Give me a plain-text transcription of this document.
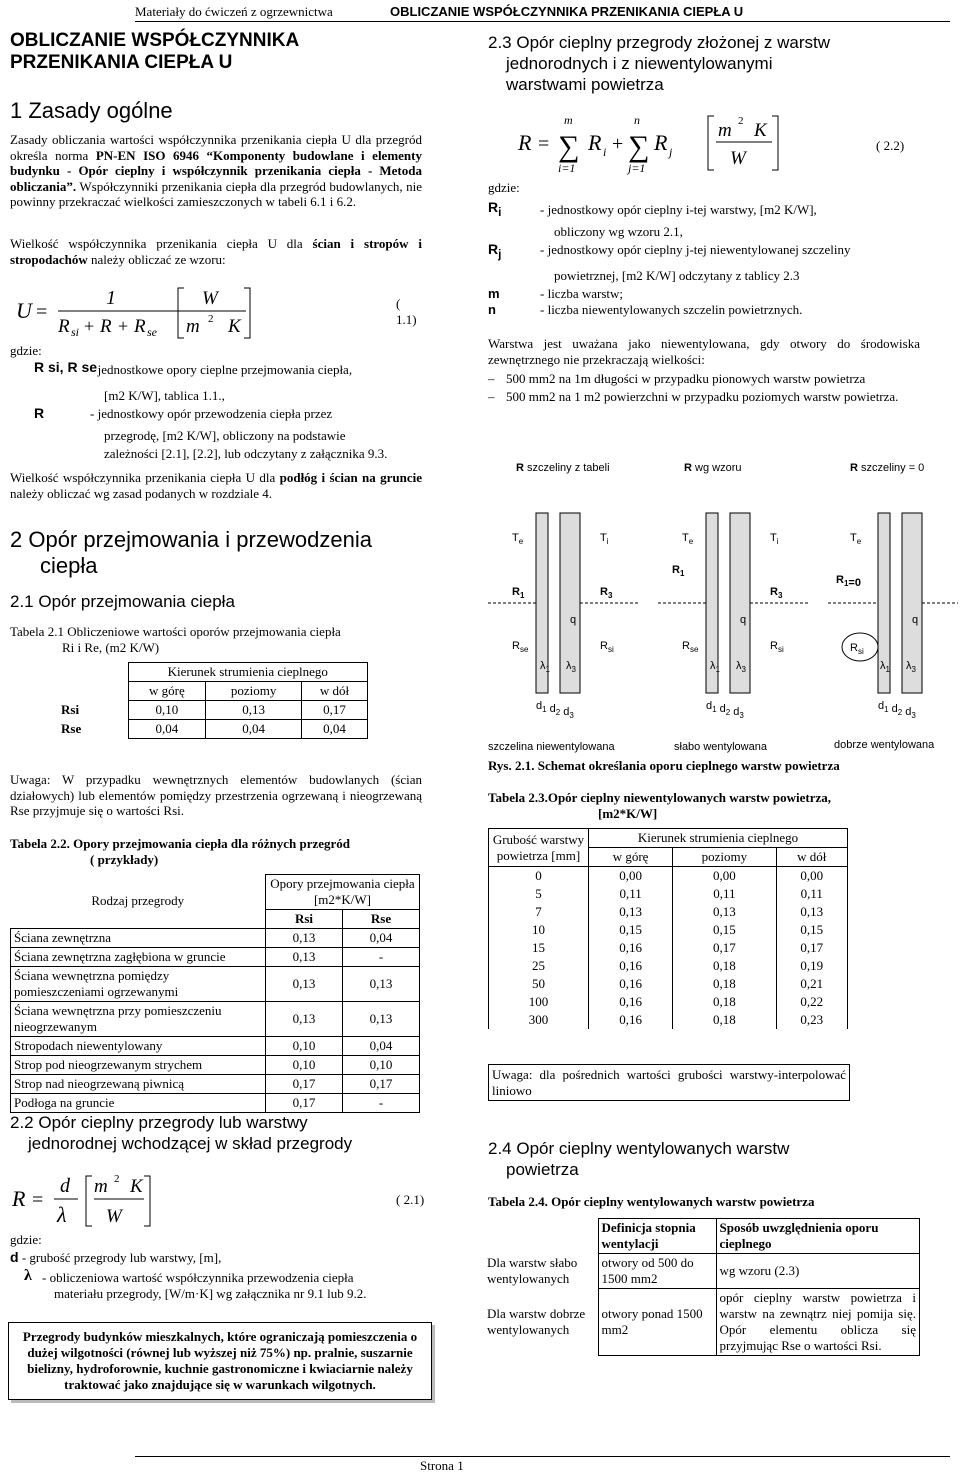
Materiały do ćwiczeń z ogrzewnictwa	OBLICZANIE WSPÓŁCZYNNIKA PRZENIKANIA CIEPŁA U
OBLICZANIE WSPÓŁCZYNNIKA
PRZENIKANIA CIEPŁA U
1 Zasady ogólne
Zasady obliczania wartości współczynnika przenikania ciepła U dla przegród określa norma PN-EN ISO 6946 “Komponenty budowlane i elementy budynku - Opór cieplny i współczynnik przenikania ciepła - Metoda obliczania”. Współczynniki przenikania ciepła dla przegród budowlanych, nie powinny przekraczać wielkości zamieszczonych w tabeli 6.1 i 6.2.
Wielkość współczynnika przenikania ciepła U dla ścian i stropów i stropodachów należy obliczać ze wzoru:
U =
1
R si + R + R se
W
m 2 K
( 1.1)
gdzie:
R si, R se
- jednostkowe opory cieplne przejmowania ciepła,
[m2 K/W], tablica 1.1.,
R	- jednostkowy opór przewodzenia ciepła przez
przegrodę, [m2 K/W], obliczony na podstawie
zależności [2.1], [2.2], lub odczytany z załącznika 9.3.
Wielkość współczynnika przenikania ciepła U dla podłóg i ścian na gruncie należy obliczać wg zasad podanych w rozdziale 4.
2 Opór przejmowania i przewodzenia
ciepła
2.1 Opór przejmowania ciepła
Tabela 2.1 Obliczeniowe wartości oporów przejmowania ciepła
Ri i Re, (m2 K/W)
	Kierunek strumienia cieplnego		
	w górę	poziomy	w dół
Rsi	0,10	0,13	0,17
Rse	0,04	0,04	0,04
Uwaga: W przypadku wewnętrznych elementów budowlanych (ścian działowych) lub elementów pomiędzy przestrzenia ogrzewaną i nieogrzewaną Rse przyjmuje się o wartości Rsi.
Tabela 2.2. Opory przejmowania ciepła dla różnych przegród
( przykłady)
Rodzaj przegrody	Opory przejmowania ciepła [m2*K/W]	
	Rsi	Rse
Ściana zewnętrzna	0,13	0,04
Ściana zewnętrzna zagłębiona w gruncie	0,13	-
Ściana wewnętrzna pomiędzy pomieszczeniami ogrzewanymi	0,13	0,13
Ściana wewnętrzna przy pomieszczeniu nieogrzewanym	0,13	0,13
Stropodach niewentylowany	0,10	0,04
Strop pod nieogrzewanym strychem	0,10	0,10
Strop nad nieogrzewaną piwnicą	0,17	0,17
Podłoga na gruncie	0,17	-
2.2 Opór cieplny przegrody lub warstwy
jednorodnej wchodzącej w skład przegrody
R =
d
λ
m 2 K
W
( 2.1)
gdzie:
d - grubość przegrody lub warstwy, [m],
λ - obliczeniowa wartość współczynnika przewodzenia ciepła
materiału przegrody, [W/m·K] wg załącznika nr 9.1 lub 9.2.
Przegrody budynków mieszkalnych, które ograniczają pomieszczenia o dużej wilgotności (równej lub wyższej niż 75%) np. pralnie, suszarnie bielizny, hydroforownie, kuchnie gastronomiczne i kwiaciarnie należy traktować jako znajdujące się w warunkach wilgotnych.
2.3 Opór cieplny przegrody złożonej z warstw
jednorodnych i z niewentylowanymi
warstwami powietrza
R =
m
∑
i=1
R i +
n
∑
j=1
R j
m 2 K
W
( 2.2)
gdzie:
$R_i$	- jednostkowy opór cieplny i-tej warstwy, [m2 K/W],
obliczony wg wzoru 2.1,
$R_j$	- jednostkowy opór cieplny j-tej niewentylowanej szczeliny
powietrznej, [m2 K/W] odczytany z tablicy 2.3
m	- liczba warstw;
n	- liczba niewentylowanych szczelin powietrznych.
Warstwa jest uważana jako niewentylowana, gdy otwory do środowiska zewnętrznego nie przekraczają wielkości:
– 500 mm2 na 1m długości w przypadku pionowych warstw powietrza
– 500 mm2 na 1 m2 powierzchni w przypadku poziomych warstw powietrza.
R szczeliny z tabeli	R wg wzoru	R szczeliny = 0
$T_e$	$T_i$
$R_1$	$R_3$
q
$R_{se}$	$R_{si}$
$\lambda_1$ $\lambda_3$
$d_1$ $d_2$ $d_3$
$T_e$	$T_i$
$R_1$
$R_3$
q
$R_{se}$	$R_{si}$
$\lambda_1$ $\lambda_3$
$d_1$ $d_2$ $d_3$
$T_e$
$R_1=0$
q
$R_{si}$
$\lambda_1$ $\lambda_3$
$d_1$ $d_2$ $d_3$
szczelina niewentylowana	słabo wentylowana	dobrze wentylowana
Rys. 2.1. Schemat określania oporu cieplnego warstw powietrza
Tabela 2.3.Opór cieplny niewentylowanych warstw powietrza,
[m2*K/W]
Grubość warstwy powietrza [mm]	Kierunek strumienia cieplnego		
	w górę	poziomy	w dół
0	0,00	0,00	0,00
5	0,11	0,11	0,11
7	0,13	0,13	0,13
10	0,15	0,15	0,15
15	0,16	0,17	0,17
25	0,16	0,18	0,19
50	0,16	0,18	0,21
100	0,16	0,18	0,22
300	0,16	0,18	0,23
Uwaga: dla pośrednich wartości grubości warstwy-interpolować liniowo
2.4 Opór cieplny wentylowanych warstw
powietrza
Tabela 2.4. Opór cieplny wentylowanych warstw powietrza
	Definicja stopnia wentylacji	Sposób uwzględnienia oporu cieplnego
Dla warstw słabo wentylowanych	otwory od 500 do 1500 mm2	wg wzoru (2.3)
Dla warstw dobrze wentylowanych	otwory ponad 1500 mm2	opór cieplny warstw powietrza i warstw na zewnątrz niej pomija się. Opór elementu oblicza się przyjmując Rse o wartości Rsi.
Strona 1
